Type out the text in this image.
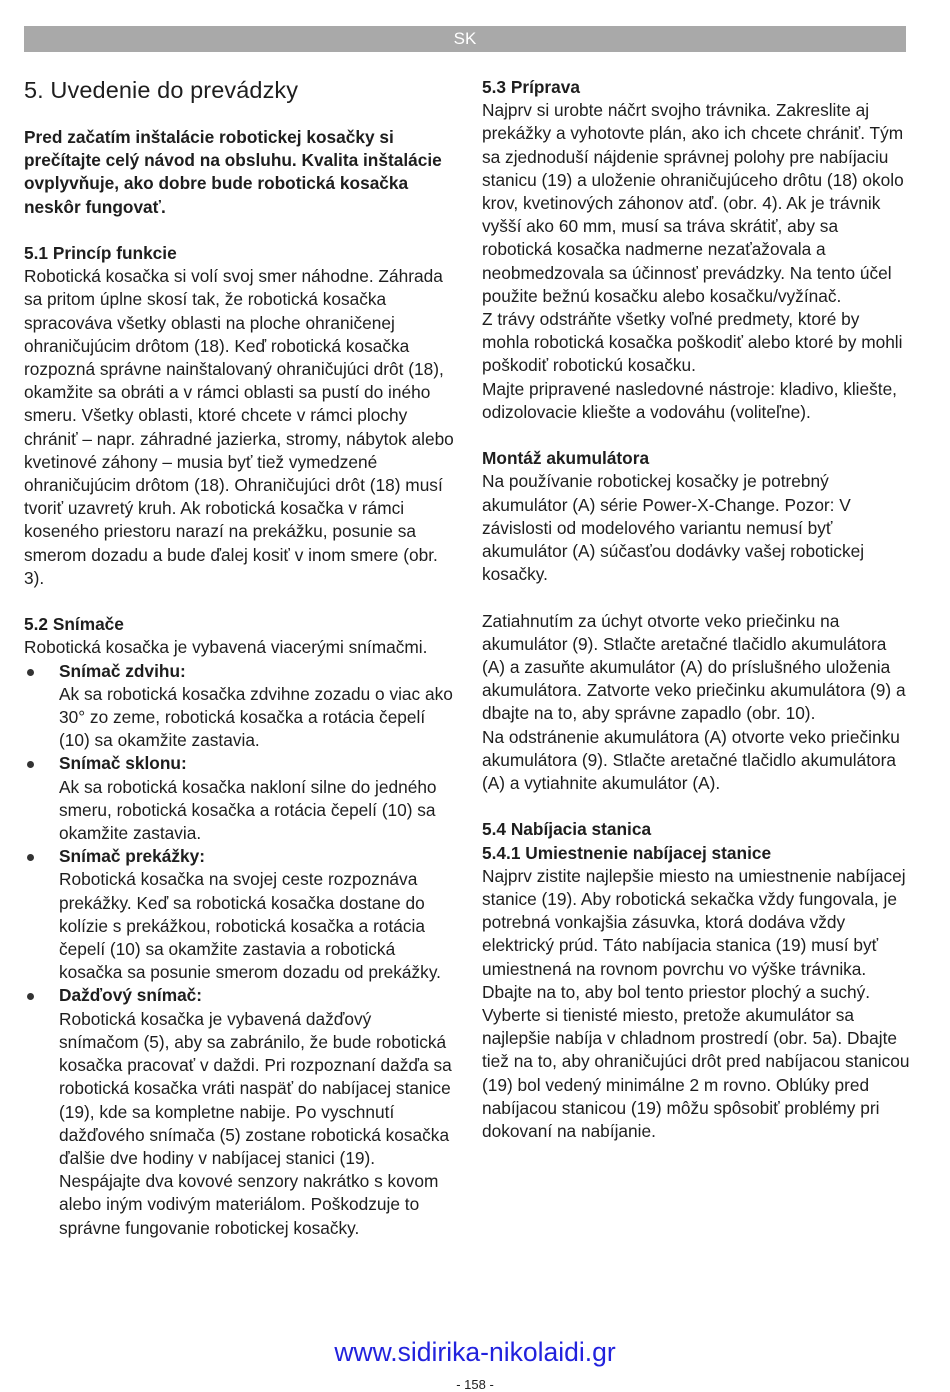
SK
5. Uvedenie do prevádzky

Pred začatím inštalácie robotickej kosačky si prečítajte celý návod na obsluhu. Kvalita inštalácie ovplyvňuje, ako dobre bude robotická kosačka neskôr fungovať.

5.1 Princíp funkcie

Robotická kosačka si volí svoj smer náhodne. Záhrada sa pritom úplne skosí tak, že robotická kosačka spracováva všetky oblasti na ploche ohraničenej ohraničujúcim drôtom (18). Keď robotická kosačka rozpozná správne nainštalovaný ohraničujúci drôt (18), okamžite sa obráti a v rámci oblasti sa pustí do iného smeru. Všetky oblasti, ktoré chcete v rámci plochy chrániť – napr. záhradné jazierka, stromy, nábytok alebo kvetinové záhony – musia byť tiež vymedzené ohraničujúcim drôtom (18). Ohraničujúci drôt (18) musí tvoriť uzavretý kruh. Ak robotická kosačka v rámci koseného priestoru narazí na prekážku, posunie sa smerom dozadu a bude ďalej kosiť v inom smere (obr. 3).

5.2 Snímače

Robotická kosačka je vybavená viacerými snímačmi.

Snímač zdvihu:
Ak sa robotická kosačka zdvihne zozadu o viac ako 30° zo zeme, robotická kosačka a rotácia čepelí (10) sa okamžite zastavia.
Snímač sklonu:
Ak sa robotická kosačka nakloní silne do jedného smeru, robotická kosačka a rotácia čepelí (10) sa okamžite zastavia.
Snímač prekážky:
Robotická kosačka na svojej ceste rozpoznáva prekážky. Keď sa robotická kosačka dostane do kolízie s prekážkou, robotická kosačka a rotácia čepelí (10) sa okamžite zastavia a robotická kosačka sa posunie smerom dozadu od prekážky.
Dažďový snímač:
Robotická kosačka je vybavená dažďový snímačom (5), aby sa zabránilo, že bude robotická kosačka pracovať v daždi. Pri rozpoznaní dažďa sa robotická kosačka vráti naspäť do nabíjacej stanice (19), kde sa kompletne nabije. Po vyschnutí dažďového snímača (5) zostane robotická kosačka ďalšie dve hodiny v nabíjacej stanici (19). Nespájajte dva kovové senzory nakrátko s kovom alebo iným vodivým materiálom. Poškodzuje to správne fungovanie robotickej kosačky.
5.3 Príprava

Najprv si urobte náčrt svojho trávnika. Zakreslite aj prekážky a vyhotovte plán, ako ich chcete chrániť. Tým sa zjednoduší nájdenie správnej polohy pre nabíjaciu stanicu (19) a uloženie ohraničujúceho drôtu (18) okolo krov, kvetinových záhonov atď. (obr. 4). Ak je trávnik vyšší ako 60 mm, musí sa tráva skrátiť, aby sa robotická kosačka nadmerne nezaťažovala a neobmedzovala sa účinnosť prevádzky. Na tento účel použite bežnú kosačku alebo kosačku/vyžínač.

Z trávy odstráňte všetky voľné predmety, ktoré by mohla robotická kosačka poškodiť alebo ktoré by mohli poškodiť robotickú kosačku.

Majte pripravené nasledovné nástroje: kladivo, kliešte, odizolovacie kliešte a vodováhu (voliteľne).

Montáž akumulátora

Na používanie robotickej kosačky je potrebný akumulátor (A) série Power-X-Change. Pozor: V závislosti od modelového variantu nemusí byť akumulátor (A) súčasťou dodávky vašej robotickej kosačky.

Zatiahnutím za úchyt otvorte veko priečinku na akumulátor (9). Stlačte aretačné tlačidlo akumulátora (A) a zasuňte akumulátor (A) do príslušného uloženia akumulátora. Zatvorte veko priečinku akumulátora (9) a dbajte na to, aby správne zapadlo (obr. 10).

Na odstránenie akumulátora (A) otvorte veko priečinku akumulátora (9). Stlačte aretačné tlačidlo akumulátora (A) a vytiahnite akumulátor (A).

5.4 Nabíjacia stanica
5.4.1 Umiestnenie nabíjacej stanice

Najprv zistite najlepšie miesto na umiestnenie nabíjacej stanice (19). Aby robotická sekačka vždy fungovala, je potrebná vonkajšia zásuvka, ktorá dodáva vždy elektrický prúd. Táto nabíjacia stanica (19) musí byť umiestnená na rovnom povrchu vo výške trávnika. Dbajte na to, aby bol tento priestor plochý a suchý. Vyberte si tienisté miesto, pretože akumulátor sa najlepšie nabíja v chladnom prostredí (obr. 5a). Dbajte tiež na to, aby ohraničujúci drôt pred nabíjacou stanicou (19) bol vedený minimálne 2 m rovno. Oblúky pred nabíjacou stanicou (19) môžu spôsobiť problémy pri dokovaní na nabíjanie.

www.sidirika-nikolaidi.gr
- 158 -
